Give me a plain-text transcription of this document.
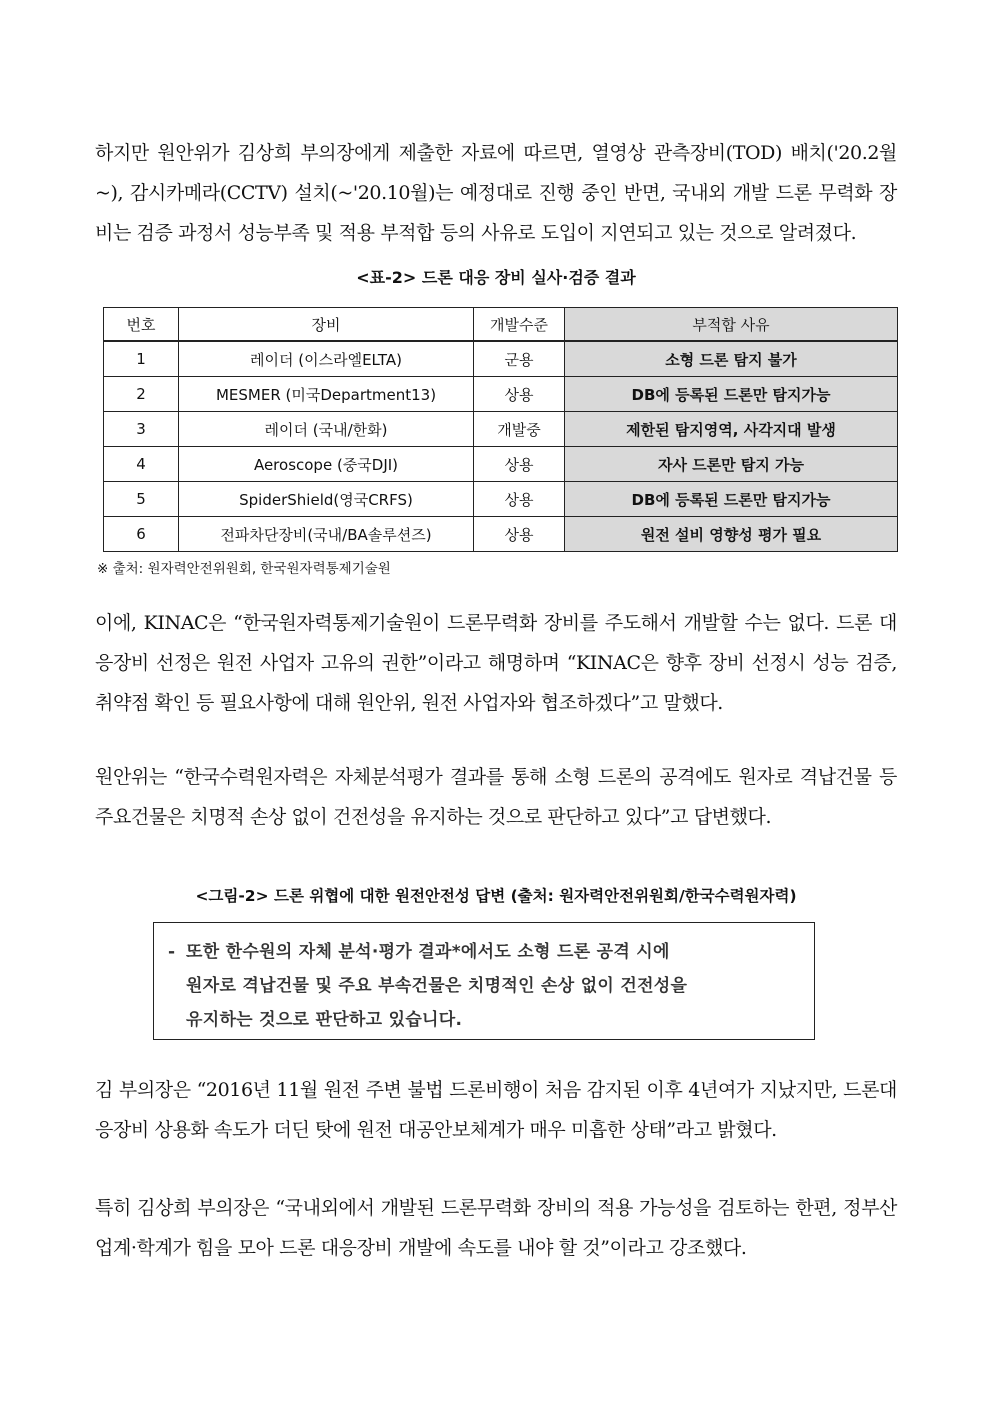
하지만 원안위가 김상희 부의장에게 제출한 자료에 따르면, 열영상 관측장비(TOD) 배치('20.2월~), 감시카메라(CCTV) 설치(~'20.10월)는 예정대로 진행 중인 반면, 국내외 개발 드론 무력화 장비는 검증 과정서 성능부족 및 적용 부적합 등의 사유로 도입이 지연되고 있는 것으로 알려졌다.

<표-2> 드론 대응 장비 실사·검증 결과

번호	장비	개발수준	부적합 사유
1	레이더 (이스라엘ELTA)	군용	소형 드론 탐지 불가
2	MESMER (미국Department13)	상용	DB에 등록된 드론만 탐지가능
3	레이더 (국내/한화)	개발중	제한된 탐지영역, 사각지대 발생
4	Aeroscope (중국DJI)	상용	자사 드론만 탐지 가능
5	SpiderShield(영국CRFS)	상용	DB에 등록된 드론만 탐지가능
6	전파차단장비(국내/BA솔루션즈)	상용	원전 설비 영향성 평가 필요

※ 출처: 원자력안전위원회, 한국원자력통제기술원

이에, KINAC은 “한국원자력통제기술원이 드론무력화 장비를 주도해서 개발할 수는 없다. 드론 대응장비 선정은 원전 사업자 고유의 권한”이라고 해명하며 “KINAC은 향후 장비 선정시 성능 검증, 취약점 확인 등 필요사항에 대해 원안위, 원전 사업자와 협조하겠다”고 말했다.

원안위는 “한국수력원자력은 자체분석평가 결과를 통해 소형 드론의 공격에도 원자로 격납건물 등 주요건물은 치명적 손상 없이 건전성을 유지하는 것으로 판단하고 있다”고 답변했다.

<그림-2> 드론 위협에 대한 원전안전성 답변 (출처: 원자력안전위원회/한국수력원자력)

- 또한 한수원의 자체 분석·평가 결과*에서도 소형 드론 공격 시에
원자로 격납건물 및 주요 부속건물은 치명적인 손상 없이 건전성을
유지하는 것으로 판단하고 있습니다.

김 부의장은 “2016년 11월 원전 주변 불법 드론비행이 처음 감지된 이후 4년여가 지났지만, 드론대응장비 상용화 속도가 더딘 탓에 원전 대공안보체계가 매우 미흡한 상태”라고 밝혔다.

특히 김상희 부의장은 “국내외에서 개발된 드론무력화 장비의 적용 가능성을 검토하는 한편, 정부산업계·학계가 힘을 모아 드론 대응장비 개발에 속도를 내야 할 것”이라고 강조했다.
